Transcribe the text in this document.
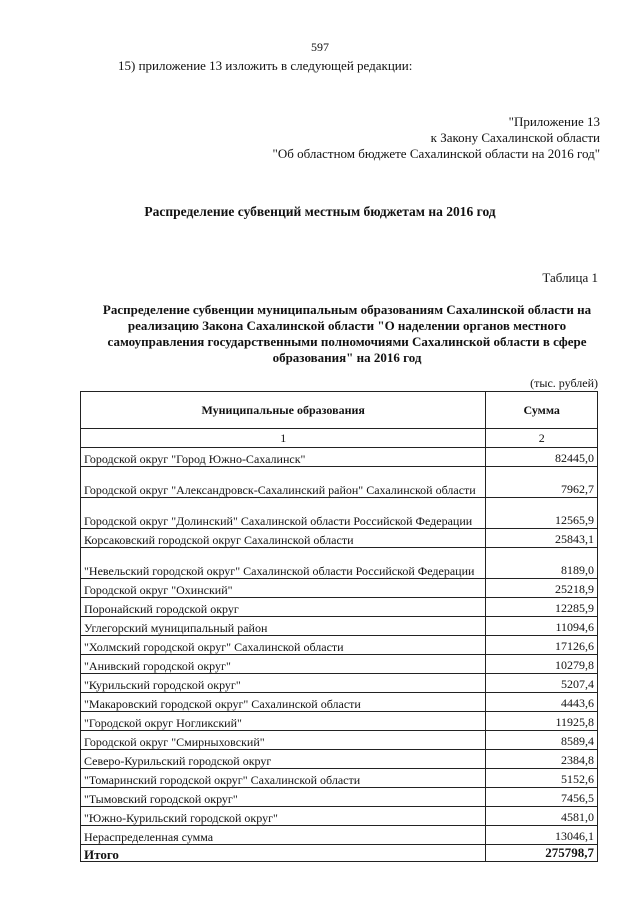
597
15) приложение 13 изложить в следующей редакции:
"Приложение 13
к Закону Сахалинской области
"Об областном бюджете Сахалинской области на 2016 год"
Распределение субвенций местным бюджетам на 2016 год
Таблица 1
Распределение субвенции муниципальным образованиям Сахалинской области на
реализацию Закона Сахалинской области "О наделении органов местного
самоуправления государственными полномочиями Сахалинской области в сфере
образования" на 2016 год
(тыс. рублей)
Муниципальные образования	Сумма
1	2
Городской округ "Город Южно-Сахалинск"	82445,0
Городской округ "Александровск-Сахалинский район" Сахалинской области	7962,7
Городской округ "Долинский" Сахалинской области Российской Федерации	12565,9
Корсаковский городской округ Сахалинской области	25843,1
"Невельский городской округ" Сахалинской области Российской Федерации	8189,0
Городской округ "Охинский"	25218,9
Поронайский городской округ	12285,9
Углегорский муниципальный район	11094,6
"Холмский городской округ" Сахалинской области	17126,6
"Анивский городской округ"	10279,8
"Курильский городской округ"	5207,4
"Макаровский городской округ" Сахалинской области	4443,6
"Городской округ Ногликский"	11925,8
Городской округ "Смирныховский"	8589,4
Северо-Курильский городской округ	2384,8
"Томаринский городской округ" Сахалинской области	5152,6
"Тымовский городской округ"	7456,5
"Южно-Курильский городской округ"	4581,0
Нераспределенная сумма	13046,1
Итого	275798,7
